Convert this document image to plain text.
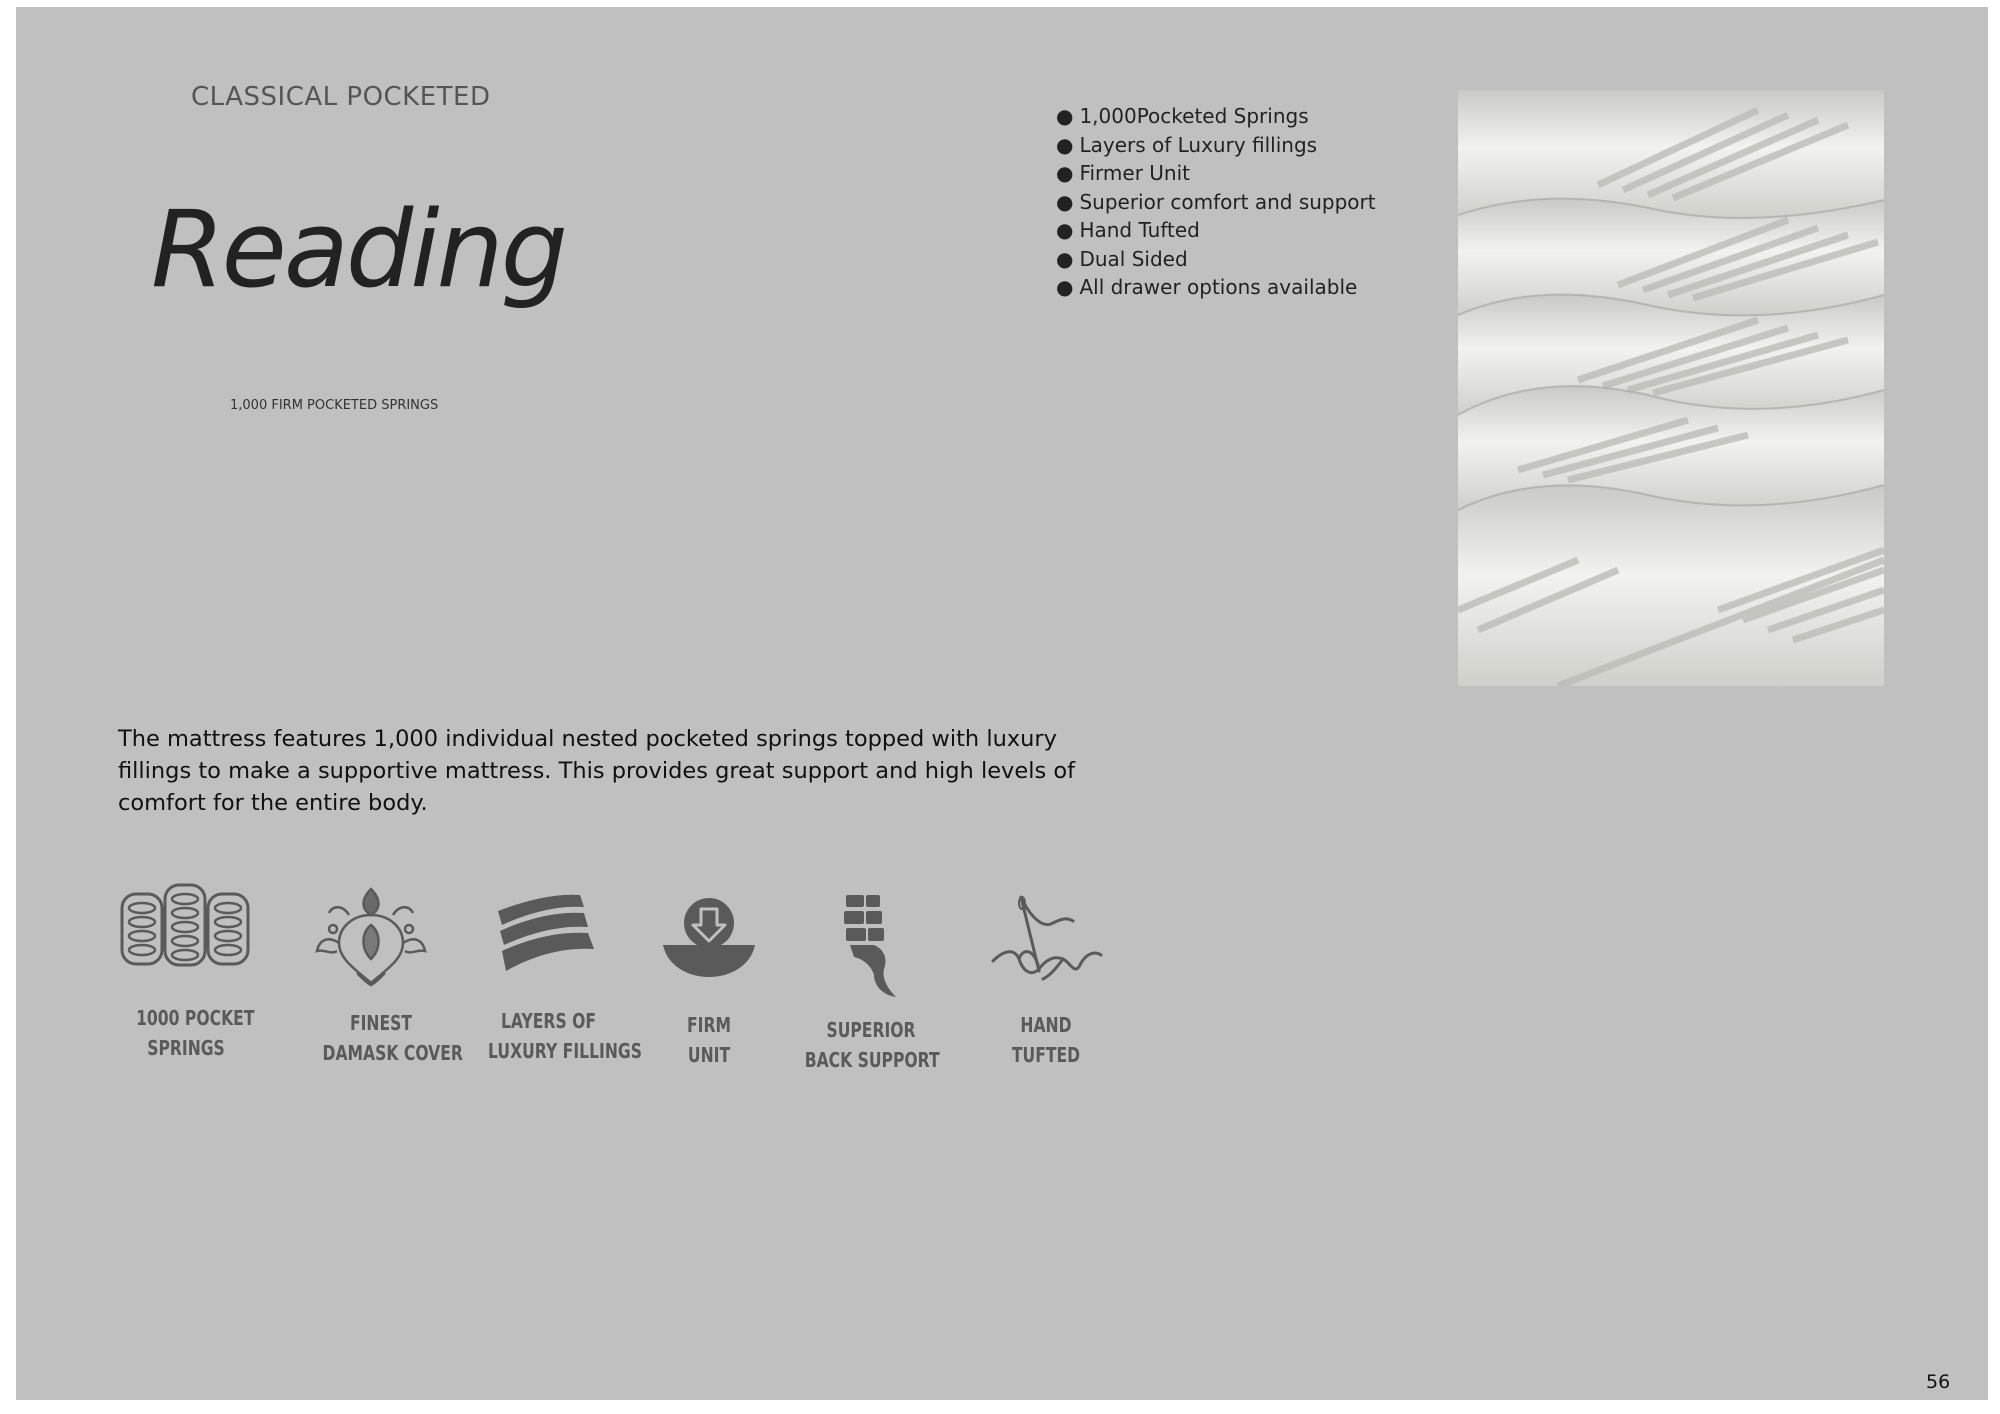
CLASSICAL POCKETED
Reading
1,000 FIRM POCKETED SPRINGS
● 1,000Pocketed Springs
● Layers of Luxury fillings
● Firmer Unit
● Superior comfort and support
● Hand Tufted
● Dual Sided
● All drawer options available
The mattress features 1,000 individual nested pocketed springs topped with luxury fillings to make a supportive mattress. This provides great support and high levels of comfort for the entire body.
1000 POCKET
SPRINGS
FINEST
DAMASK COVER
LAYERS OF
LUXURY FILLINGS
FIRM
UNIT
SUPERIOR
BACK SUPPORT
HAND
TUFTED
56
